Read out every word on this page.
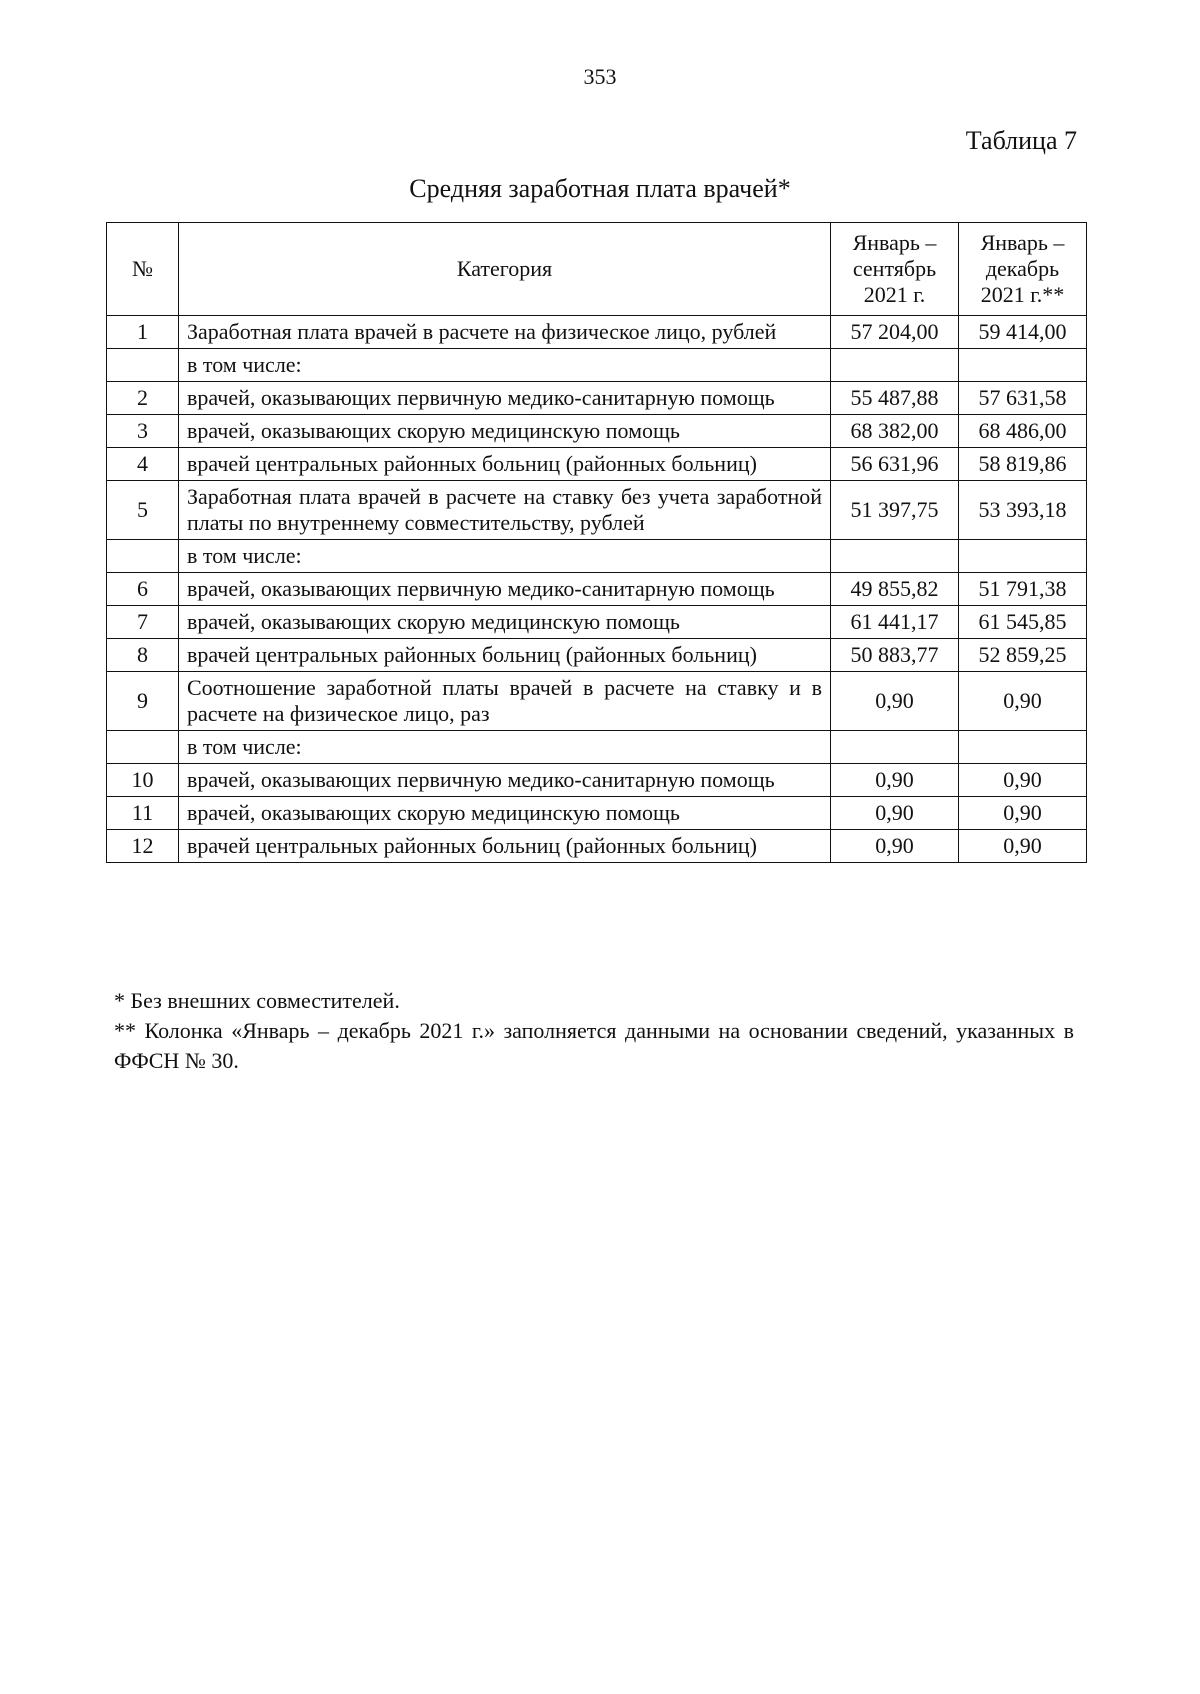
353
Таблица 7
Средняя заработная плата врачей*
№	Категория	Январь – сентябрь 2021 г.	Январь – декабрь 2021 г.**
1	Заработная плата врачей в расчете на физическое лицо, рублей	57 204,00	59 414,00
	в том числе:		
2	врачей, оказывающих первичную медико-санитарную помощь	55 487,88	57 631,58
3	врачей, оказывающих скорую медицинскую помощь	68 382,00	68 486,00
4	врачей центральных районных больниц (районных больниц)	56 631,96	58 819,86
5	Заработная плата врачей в расчете на ставку без учета заработной платы по внутреннему совместительству, рублей	51 397,75	53 393,18
	в том числе:		
6	врачей, оказывающих первичную медико-санитарную помощь	49 855,82	51 791,38
7	врачей, оказывающих скорую медицинскую помощь	61 441,17	61 545,85
8	врачей центральных районных больниц (районных больниц)	50 883,77	52 859,25
9	Соотношение заработной платы врачей в расчете на ставку и в расчете на физическое лицо, раз	0,90	0,90
	в том числе:		
10	врачей, оказывающих первичную медико-санитарную помощь	0,90	0,90
11	врачей, оказывающих скорую медицинскую помощь	0,90	0,90
12	врачей центральных районных больниц (районных больниц)	0,90	0,90

* Без внешних совместителей.

** Колонка «Январь – декабрь 2021 г.» заполняется данными на основании сведений, указанных в ФФСН № 30.
